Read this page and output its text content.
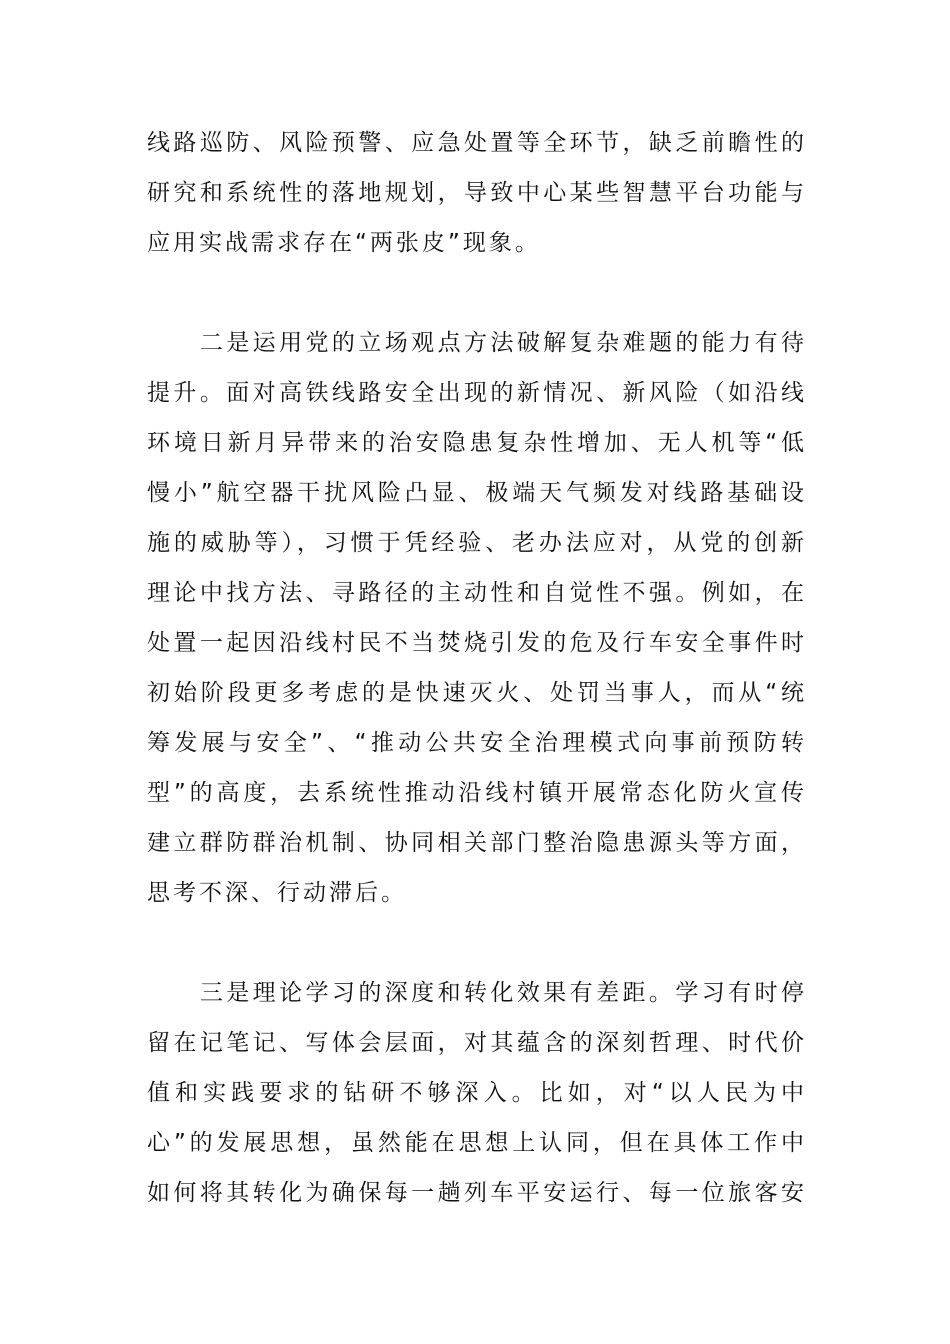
线路巡防、风险预警、应急处置等全环节，缺乏前瞻性的
研究和系统性的落地规划，导致中心某些智慧平台功能与
应用实战需求存在“两张皮”现象。
　　二是运用党的立场观点方法破解复杂难题的能力有待
提升。面对高铁线路安全出现的新情况、新风险（如沿线
环境日新月异带来的治安隐患复杂性增加、无人机等“低
慢小”航空器干扰风险凸显、极端天气频发对线路基础设
施的威胁等），习惯于凭经验、老办法应对，从党的创新
理论中找方法、寻路径的主动性和自觉性不强。例如，在
处置一起因沿线村民不当焚烧引发的危及行车安全事件时
初始阶段更多考虑的是快速灭火、处罚当事人，而从“统
筹发展与安全”、“推动公共安全治理模式向事前预防转
型”的高度，去系统性推动沿线村镇开展常态化防火宣传
建立群防群治机制、协同相关部门整治隐患源头等方面，
思考不深、行动滞后。
　　三是理论学习的深度和转化效果有差距。学习有时停
留在记笔记、写体会层面，对其蕴含的深刻哲理、时代价
值和实践要求的钻研不够深入。比如，对“以人民为中
心”的发展思想，虽然能在思想上认同，但在具体工作中
如何将其转化为确保每一趟列车平安运行、每一位旅客安
